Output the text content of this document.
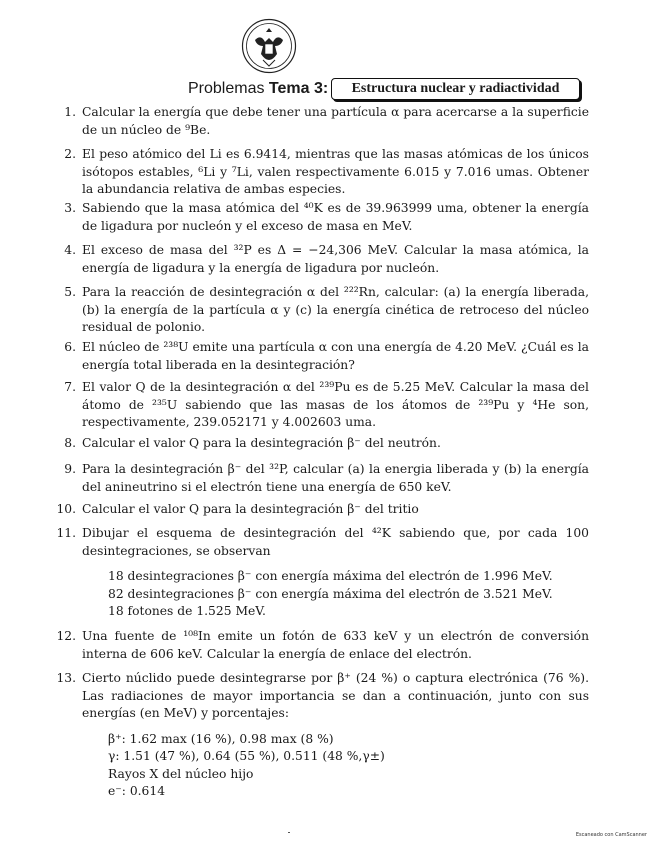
Problemas Tema 3:	Estructura nuclear y radiactividad
1. Calcular la energía que debe tener una partícula α para acercarse a la superficie de un núcleo de ⁹Be.
2. El peso atómico del Li es 6.9414, mientras que las masas atómicas de los únicos isótopos estables, ⁶Li y ⁷Li, valen respectivamente 6.015 y 7.016 umas. Obtener la abundancia relativa de ambas especies.
3. Sabiendo que la masa atómica del ⁴⁰K es de 39.963999 uma, obtener la energía de ligadura por nucleón y el exceso de masa en MeV.
4. El exceso de masa del ³²P es Δ = −24,306 MeV. Calcular la masa atómica, la energía de ligadura y la energía de ligadura por nucleón.
5. Para la reacción de desintegración α del ²²²Rn, calcular: (a) la energía liberada, (b) la energía de la partícula α y (c) la energía cinética de retroceso del núcleo residual de polonio.
6. El núcleo de ²³⁸U emite una partícula α con una energía de 4.20 MeV. ¿Cuál es la energía total liberada en la desintegración?
7. El valor Q de la desintegración α del ²³⁹Pu es de 5.25 MeV. Calcular la masa del átomo de ²³⁵U sabiendo que las masas de los átomos de ²³⁹Pu y ⁴He son, respectivamente, 239.052171 y 4.002603 uma.
8. Calcular el valor Q para la desintegración β⁻ del neutrón.
9. Para la desintegración β⁻ del ³²P, calcular (a) la energia liberada y (b) la energía del anineutrino si el electrón tiene una energía de 650 keV.
10. Calcular el valor Q para la desintegración β⁻ del tritio
11. Dibujar el esquema de desintegración del ⁴²K sabiendo que, por cada 100 desintegraciones, se observan
18 desintegraciones β⁻ con energía máxima del electrón de 1.996 MeV.
82 desintegraciones β⁻ con energía máxima del electrón de 3.521 MeV.
18 fotones de 1.525 MeV.
12. Una fuente de ¹⁰⁸In emite un fotón de 633 keV y un electrón de conversión interna de 606 keV. Calcular la energía de enlace del electrón.
13. Cierto núclido puede desintegrarse por β⁺ (24 %) o captura electrónica (76 %). Las radiaciones de mayor importancia se dan a continuación, junto con sus energías (en MeV) y porcentajes:
β⁺: 1.62 max (16 %), 0.98 max (8 %)
γ: 1.51 (47 %), 0.64 (55 %), 0.511 (48 %,γ±)
Rayos X del núcleo hijo
e⁻: 0.614
Escaneado con CamScanner
